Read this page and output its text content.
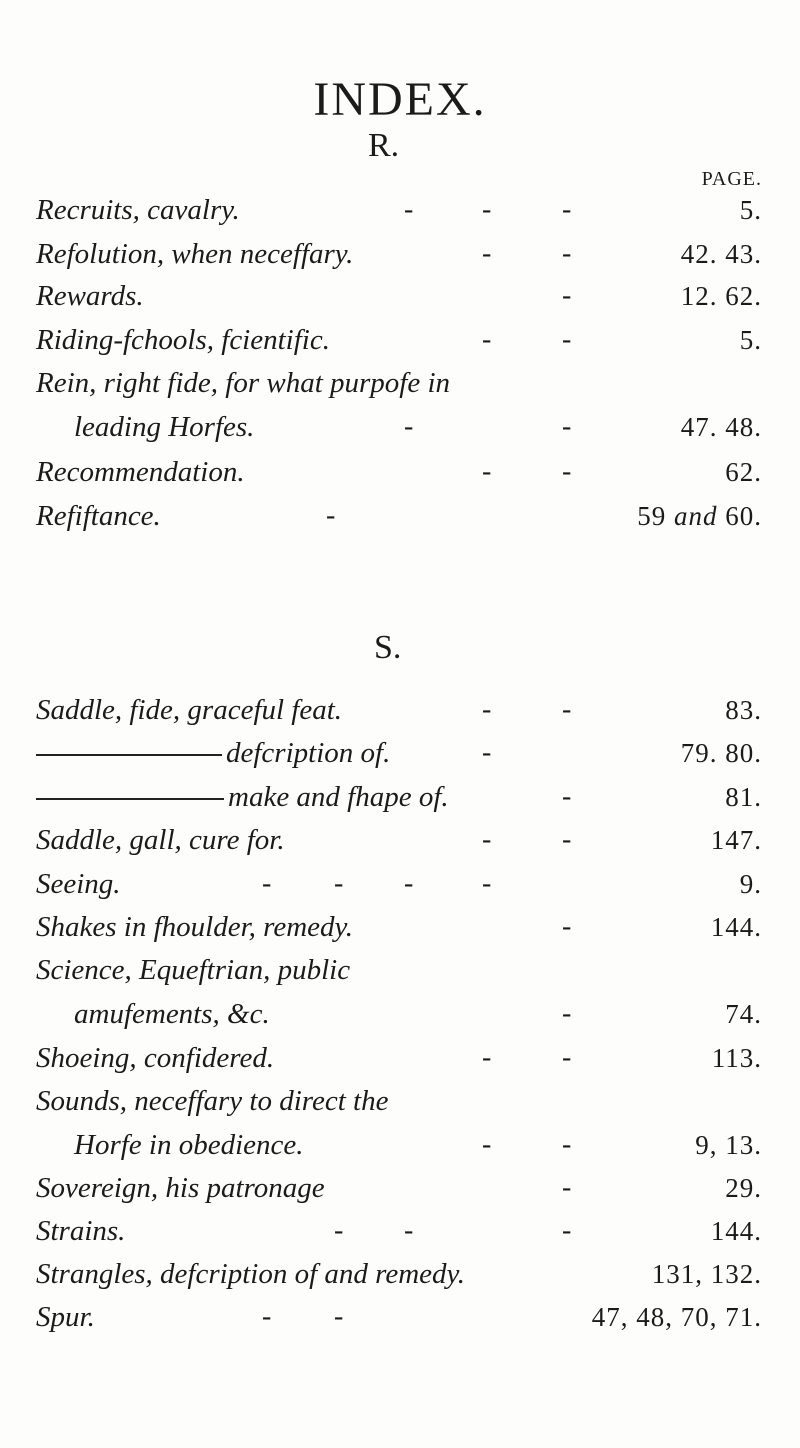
INDEX.
R.
PAGE.
Recruits, cavalry.	- -	-	5.
Refolution, when neceffary.	-	-	42. 43.
Rewards.	-	12. 62.
Riding-fchools, fcientific.	-	-	5.
Rein, right fide, for what purpofe in
leading Horfes.	-	-	47. 48.
Recommendation.	-	-	62.
Refiftance.	-	59 and 60.
S.
Saddle, fide, graceful feat.	-	-	83.
defcription of.	-	79. 80.
make and fhape of.	-	81.
Saddle, gall, cure for.	-	-	147.
Seeing.	- - - -	9.
Shakes in fhoulder, remedy.	-	144.
Science, Equeftrian, public
amufements, &c.	-	74.
Shoeing, confidered.	-	-	113.
Sounds, neceffary to direct the
Horfe in obedience.	-	-	9, 13.
Sovereign, his patronage	-	29.
Strains.	- -	-	144.
Strangles, defcription of and remedy.	131, 132.
Spur.	- -	47, 48, 70, 71.
